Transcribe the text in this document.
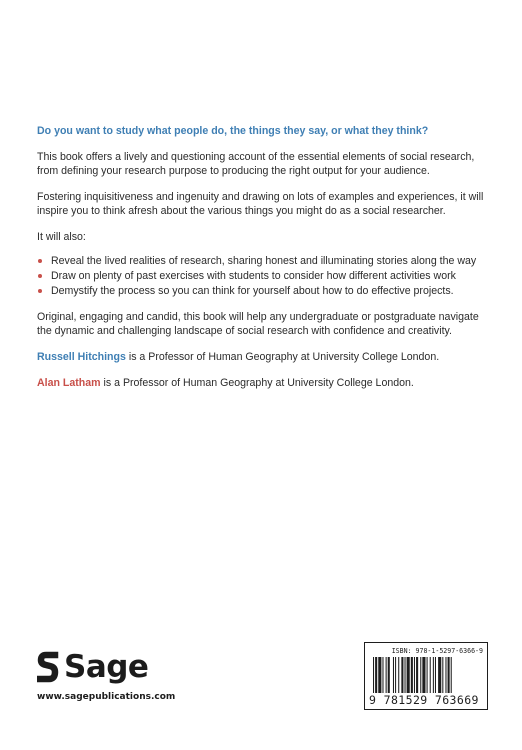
Do you want to study what people do, the things they say, or what they think?

This book offers a lively and questioning account of the essential elements of social research, from defining your research purpose to producing the right output for your audience.

Fostering inquisitiveness and ingenuity and drawing on lots of examples and experiences, it will inspire you to think afresh about the various things you might do as a social researcher.

It will also:

Reveal the lived realities of research, sharing honest and illuminating stories along the way
Draw on plenty of past exercises with students to consider how different activities work
Demystify the process so you can think for yourself about how to do effective projects.

Original, engaging and candid, this book will help any undergraduate or postgraduate navigate the dynamic and challenging landscape of social research with confidence and creativity.

Russell Hitchings is a Professor of Human Geography at University College London.

Alan Latham is a Professor of Human Geography at University College London.

Sage
www.sagepublications.com
ISBN: 978-1-5297-6366-9
9 781529 763669
